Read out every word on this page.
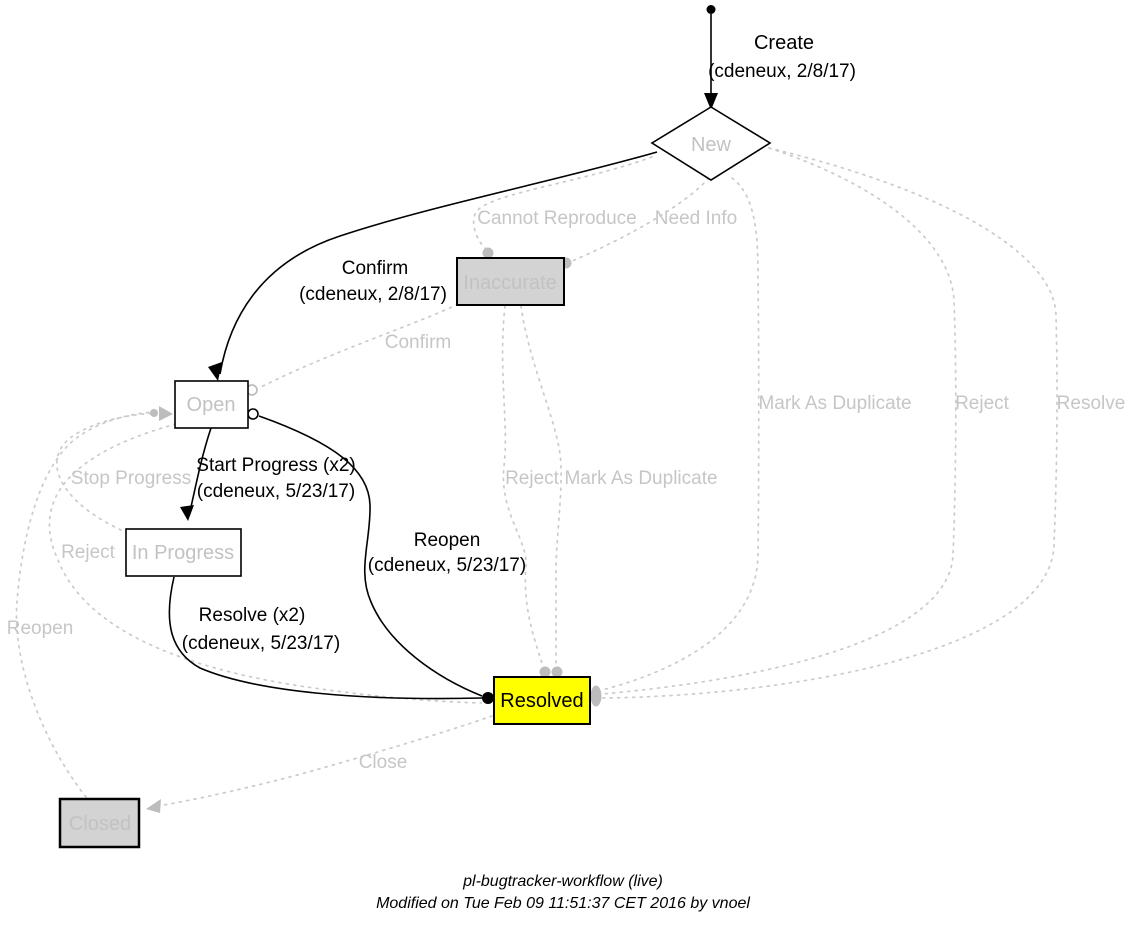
New
Inaccurate
Open
In Progress
Resolved
Closed
Create
(cdeneux, 2/8/17)
Confirm
(cdeneux, 2/8/17)
Start Progress (x2)
(cdeneux, 5/23/17)
Resolve (x2)
(cdeneux, 5/23/17)
Reopen
(cdeneux, 5/23/17)
Cannot Reproduce Need Info
Confirm
Mark As Duplicate Reject	Resolve
Reject Mark As Duplicate
Stop Progress
Reject
Reopen
Close
pl-bugtracker-workflow (live)
Modified on Tue Feb 09 11:51:37 CET 2016 by vnoel
